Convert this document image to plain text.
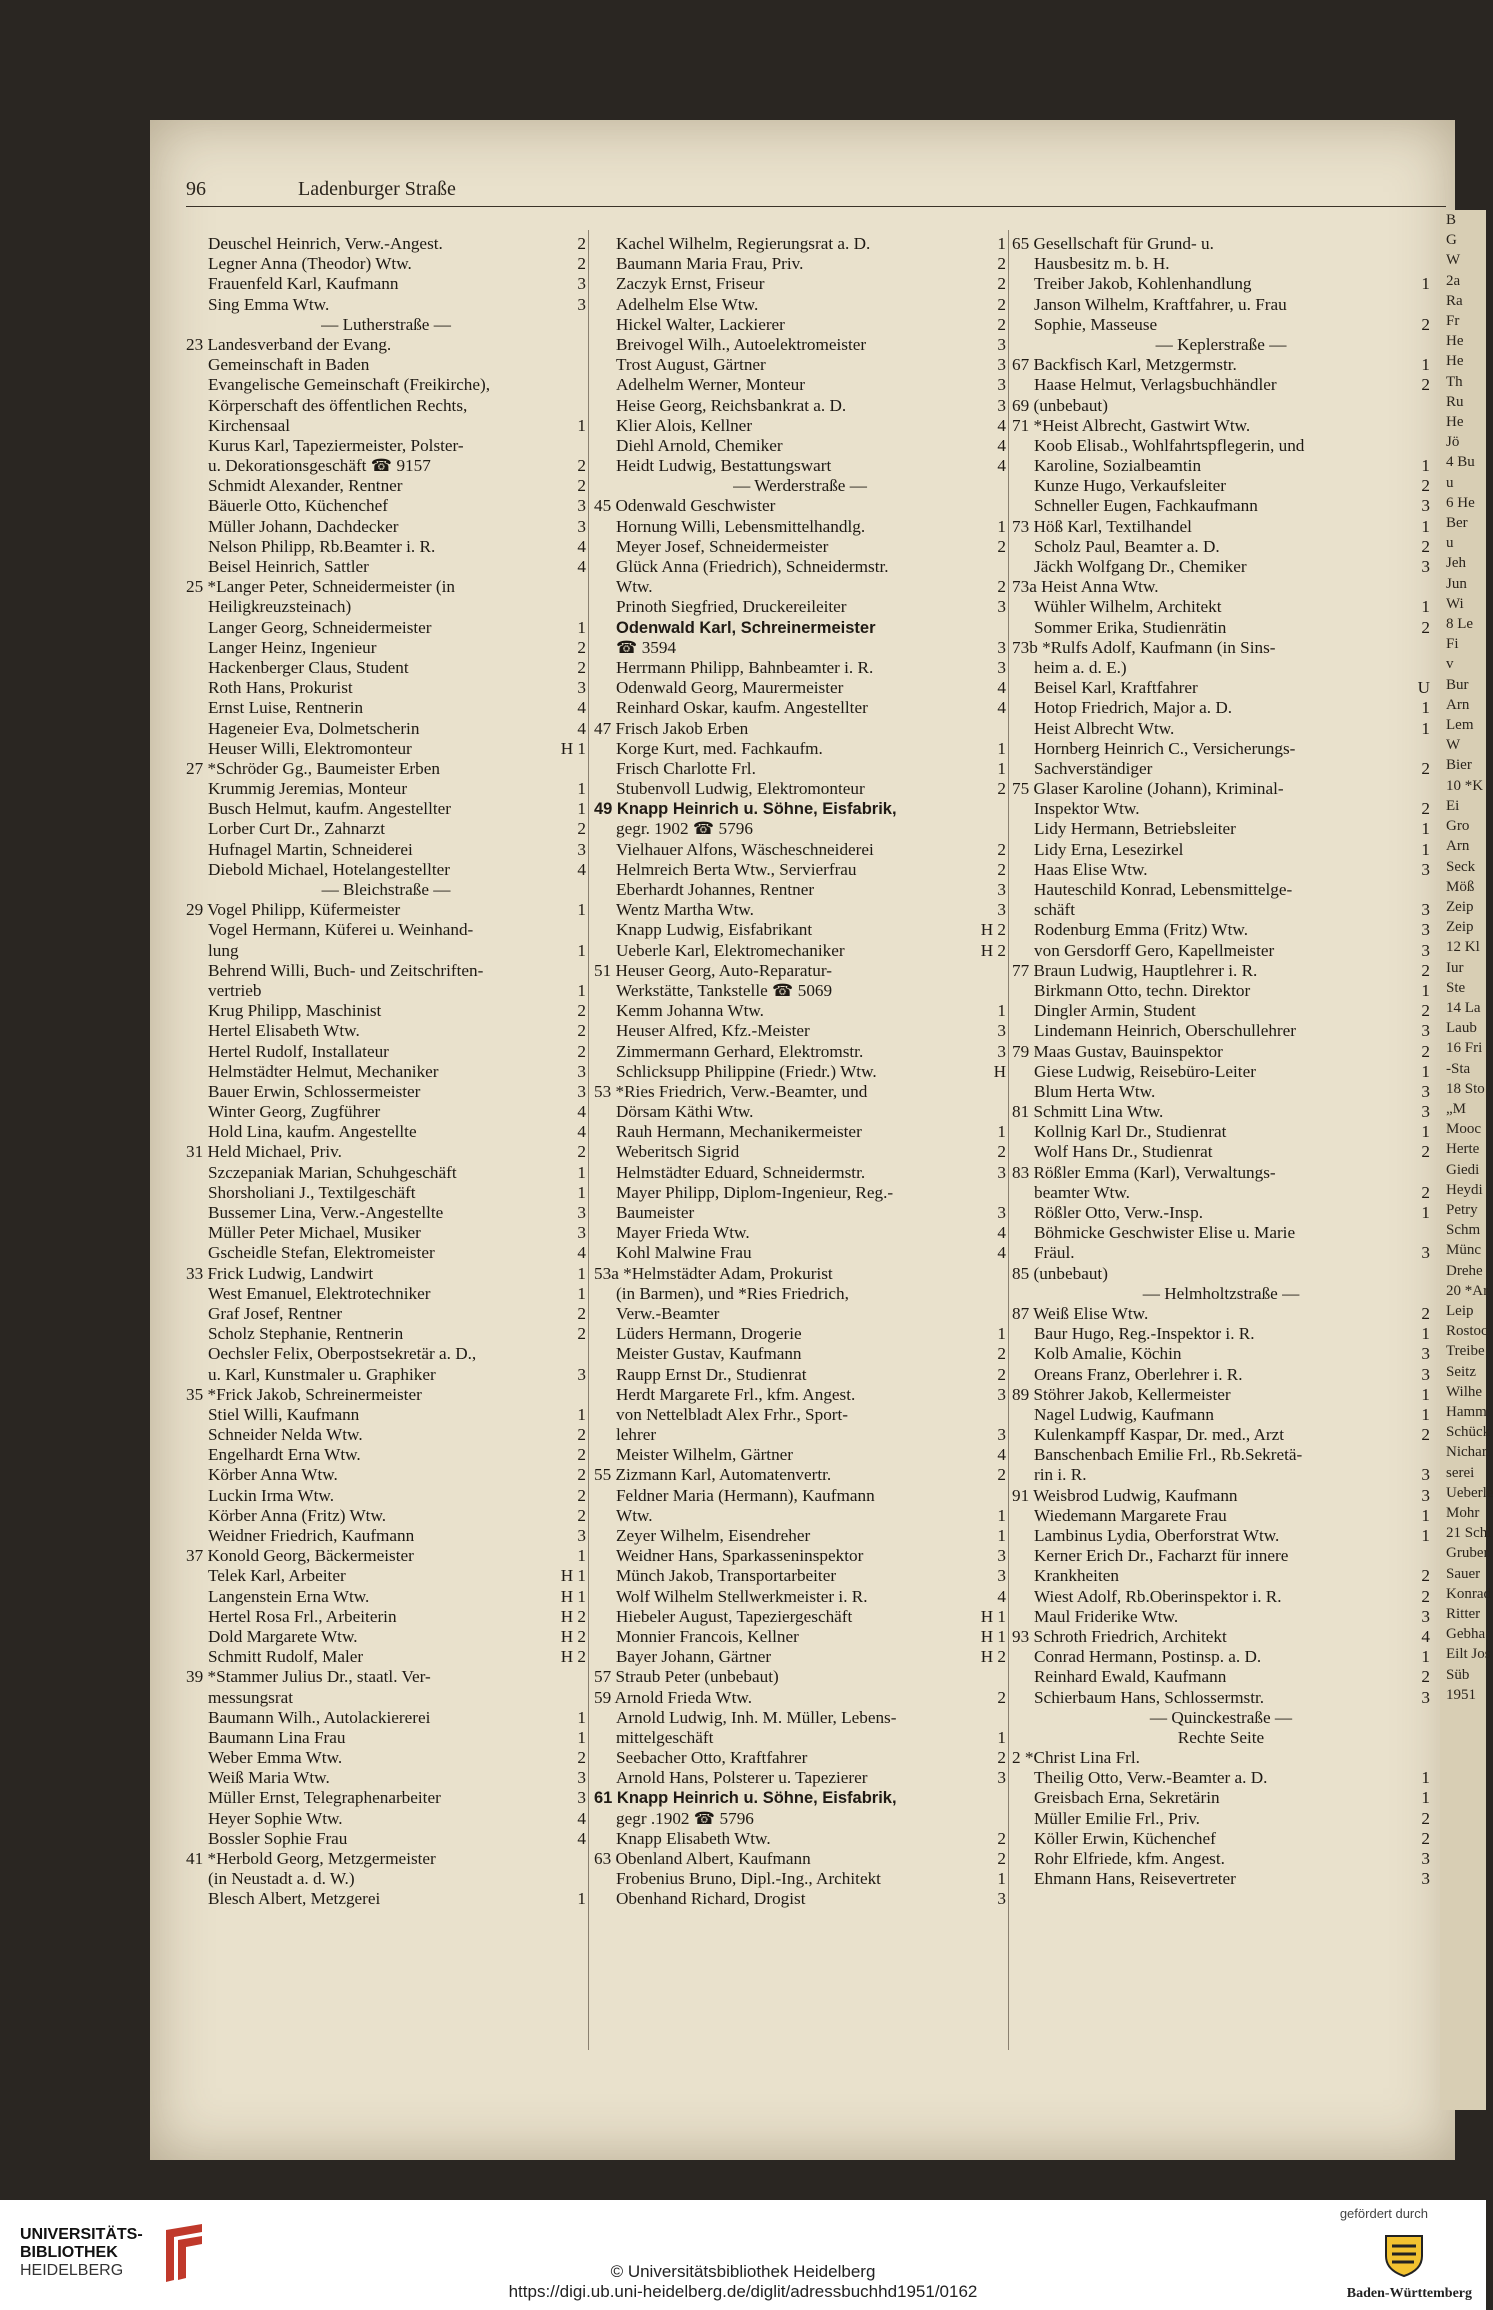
B
G
W
2a
Ra
Fr
He
He
Th
Ru
He
Jö
4 Bu
u
6 He
Ber
u
Jeh
Jun
Wi
8 Le
Fi
v
Bur
Arn
Lem
W
Bier
10 *K
Ei
Gro
Arn
Seck
Möß
Zeip
Zeip
12 Kl
Iur
Ste
14 La
Laub
16 Fri
-Sta
18 Sto
„M
Mooc
Herte
Giedi
Heydi
Petry
Schm
Münc
Drehe
20 *Ar
Leip
Rostoc
Treibe
Seitz
Wilhe
Hamm
Schück
Nichar
serei
Ueberle
Mohr
21 Schl
Gruber
Sauer
Konrad
Ritter
Gebha
Eilt Jos
Süb
1951
96	Ladenburger Straße
Deuschel Heinrich, Verw.-Angest.	2
Legner Anna (Theodor) Wtw.	2
Frauenfeld Karl, Kaufmann	3
Sing Emma Wtw.	3
— Lutherstraße —
23 Landesverband der Evang.
Gemeinschaft in Baden
Evangelische Gemeinschaft (Freikirche),
Körperschaft des öffentlichen Rechts,
Kirchensaal	1
Kurus Karl, Tapeziermeister, Polster-
u. Dekorationsgeschäft ☎ 9157	2
Schmidt Alexander, Rentner	2
Bäuerle Otto, Küchenchef	3
Müller Johann, Dachdecker	3
Nelson Philipp, Rb.Beamter i. R.	4
Beisel Heinrich, Sattler	4
25 *Langer Peter, Schneidermeister (in
Heiligkreuzsteinach)
Langer Georg, Schneidermeister	1
Langer Heinz, Ingenieur	2
Hackenberger Claus, Student	2
Roth Hans, Prokurist	3
Ernst Luise, Rentnerin	4
Hageneier Eva, Dolmetscherin	4
Heuser Willi, Elektromonteur	H 1
27 *Schröder Gg., Baumeister Erben
Krummig Jeremias, Monteur	1
Busch Helmut, kaufm. Angestellter	1
Lorber Curt Dr., Zahnarzt	2
Hufnagel Martin, Schneiderei	3
Diebold Michael, Hotelangestellter	4
— Bleichstraße —
29 Vogel Philipp, Küfermeister	1
Vogel Hermann, Küferei u. Weinhand-
lung	1
Behrend Willi, Buch- und Zeitschriften-
vertrieb	1
Krug Philipp, Maschinist	2
Hertel Elisabeth Wtw.	2
Hertel Rudolf, Installateur	2
Helmstädter Helmut, Mechaniker	3
Bauer Erwin, Schlossermeister	3
Winter Georg, Zugführer	4
Hold Lina, kaufm. Angestellte	4
31 Held Michael, Priv.	2
Szczepaniak Marian, Schuhgeschäft	1
Shorsholiani J., Textilgeschäft	1
Bussemer Lina, Verw.-Angestellte	3
Müller Peter Michael, Musiker	3
Gscheidle Stefan, Elektromeister	4
33 Frick Ludwig, Landwirt	1
West Emanuel, Elektrotechniker	1
Graf Josef, Rentner	2
Scholz Stephanie, Rentnerin	2
Oechsler Felix, Oberpostsekretär a. D.,
u. Karl, Kunstmaler u. Graphiker	3
35 *Frick Jakob, Schreinermeister
Stiel Willi, Kaufmann	1
Schneider Nelda Wtw.	2
Engelhardt Erna Wtw.	2
Körber Anna Wtw.	2
Luckin Irma Wtw.	2
Körber Anna (Fritz) Wtw.	2
Weidner Friedrich, Kaufmann	3
37 Konold Georg, Bäckermeister	1
Telek Karl, Arbeiter	H 1
Langenstein Erna Wtw.	H 1
Hertel Rosa Frl., Arbeiterin	H 2
Dold Margarete Wtw.	H 2
Schmitt Rudolf, Maler	H 2
39 *Stammer Julius Dr., staatl. Ver-
messungsrat
Baumann Wilh., Autolackiererei	1
Baumann Lina Frau	1
Weber Emma Wtw.	2
Weiß Maria Wtw.	3
Müller Ernst, Telegraphenarbeiter	3
Heyer Sophie Wtw.	4
Bossler Sophie Frau	4
41 *Herbold Georg, Metzgermeister
(in Neustadt a. d. W.)
Blesch Albert, Metzgerei	1
Kachel Wilhelm, Regierungsrat a. D.	1
Baumann Maria Frau, Priv.	2
Zaczyk Ernst, Friseur	2
Adelhelm Else Wtw.	2
Hickel Walter, Lackierer	2
Breivogel Wilh., Autoelektromeister	3
Trost August, Gärtner	3
Adelhelm Werner, Monteur	3
Heise Georg, Reichsbankrat a. D.	3
Klier Alois, Kellner	4
Diehl Arnold, Chemiker	4
Heidt Ludwig, Bestattungswart	4
— Werderstraße —
45 Odenwald Geschwister
Hornung Willi, Lebensmittelhandlg.	1
Meyer Josef, Schneidermeister	2
Glück Anna (Friedrich), Schneidermstr.
Wtw.	2
Prinoth Siegfried, Druckereileiter	3
Odenwald Karl, Schreinermeister
☎ 3594	3
Herrmann Philipp, Bahnbeamter i. R.	3
Odenwald Georg, Maurermeister	4
Reinhard Oskar, kaufm. Angestellter	4
47 Frisch Jakob Erben
Korge Kurt, med. Fachkaufm.	1
Frisch Charlotte Frl.	1
Stubenvoll Ludwig, Elektromonteur	2
49 Knapp Heinrich u. Söhne, Eisfabrik,
gegr. 1902 ☎ 5796
Vielhauer Alfons, Wäscheschneiderei	2
Helmreich Berta Wtw., Servierfrau	2
Eberhardt Johannes, Rentner	3
Wentz Martha Wtw.	3
Knapp Ludwig, Eisfabrikant	H 2
Ueberle Karl, Elektromechaniker	H 2
51 Heuser Georg, Auto-Reparatur-
Werkstätte, Tankstelle ☎ 5069
Kemm Johanna Wtw.	1
Heuser Alfred, Kfz.-Meister	3
Zimmermann Gerhard, Elektromstr.	3
Schlicksupp Philippine (Friedr.) Wtw.	H
53 *Ries Friedrich, Verw.-Beamter, und
Dörsam Käthi Wtw.
Rauh Hermann, Mechanikermeister	1
Weberitsch Sigrid	2
Helmstädter Eduard, Schneidermstr.	3
Mayer Philipp, Diplom-Ingenieur, Reg.-
Baumeister	3
Mayer Frieda Wtw.	4
Kohl Malwine Frau	4
53a *Helmstädter Adam, Prokurist
(in Barmen), und *Ries Friedrich,
Verw.-Beamter
Lüders Hermann, Drogerie	1
Meister Gustav, Kaufmann	2
Raupp Ernst Dr., Studienrat	2
Herdt Margarete Frl., kfm. Angest.	3
von Nettelbladt Alex Frhr., Sport-
lehrer	3
Meister Wilhelm, Gärtner	4
55 Zizmann Karl, Automatenvertr.	2
Feldner Maria (Hermann), Kaufmann
Wtw.	1
Zeyer Wilhelm, Eisendreher	1
Weidner Hans, Sparkasseninspektor	3
Münch Jakob, Transportarbeiter	3
Wolf Wilhelm Stellwerkmeister i. R.	4
Hiebeler August, Tapeziergeschäft	H 1
Monnier Francois, Kellner	H 1
Bayer Johann, Gärtner	H 2
57 Straub Peter (unbebaut)
59 Arnold Frieda Wtw.	2
Arnold Ludwig, Inh. M. Müller, Lebens-
mittelgeschäft	1
Seebacher Otto, Kraftfahrer	2
Arnold Hans, Polsterer u. Tapezierer	3
61 Knapp Heinrich u. Söhne, Eisfabrik,
gegr .1902 ☎ 5796
Knapp Elisabeth Wtw.	2
63 Obenland Albert, Kaufmann	2
Frobenius Bruno, Dipl.-Ing., Architekt	1
Obenhand Richard, Drogist	3
65 Gesellschaft für Grund- u.
Hausbesitz m. b. H.
Treiber Jakob, Kohlenhandlung	1
Janson Wilhelm, Kraftfahrer, u. Frau
Sophie, Masseuse	2
— Keplerstraße —
67 Backfisch Karl, Metzgermstr.	1
Haase Helmut, Verlagsbuchhändler	2
69 (unbebaut)
71 *Heist Albrecht, Gastwirt Wtw.
Koob Elisab., Wohlfahrtspflegerin, und
Karoline, Sozialbeamtin	1
Kunze Hugo, Verkaufsleiter	2
Schneller Eugen, Fachkaufmann	3
73 Höß Karl, Textilhandel	1
Scholz Paul, Beamter a. D.	2
Jäckh Wolfgang Dr., Chemiker	3
73a Heist Anna Wtw.
Wühler Wilhelm, Architekt	1
Sommer Erika, Studienrätin	2
73b *Rulfs Adolf, Kaufmann (in Sins-
heim a. d. E.)
Beisel Karl, Kraftfahrer	U
Hotop Friedrich, Major a. D.	1
Heist Albrecht Wtw.	1
Hornberg Heinrich C., Versicherungs-
Sachverständiger	2
75 Glaser Karoline (Johann), Kriminal-
Inspektor Wtw.	2
Lidy Hermann, Betriebsleiter	1
Lidy Erna, Lesezirkel	1
Haas Elise Wtw.	3
Hauteschild Konrad, Lebensmittelge-
schäft	3
Rodenburg Emma (Fritz) Wtw.	3
von Gersdorff Gero, Kapellmeister	3
77 Braun Ludwig, Hauptlehrer i. R.	2
Birkmann Otto, techn. Direktor	1
Dingler Armin, Student	2
Lindemann Heinrich, Oberschullehrer	3
79 Maas Gustav, Bauinspektor	2
Giese Ludwig, Reisebüro-Leiter	1
Blum Herta Wtw.	3
81 Schmitt Lina Wtw.	3
Kollnig Karl Dr., Studienrat	1
Wolf Hans Dr., Studienrat	2
83 Rößler Emma (Karl), Verwaltungs-
beamter Wtw.	2
Rößler Otto, Verw.-Insp.	1
Böhmicke Geschwister Elise u. Marie
Fräul.	3
85 (unbebaut)
— Helmholtzstraße —
87 Weiß Elise Wtw.	2
Baur Hugo, Reg.-Inspektor i. R.	1
Kolb Amalie, Köchin	3
Oreans Franz, Oberlehrer i. R.	3
89 Stöhrer Jakob, Kellermeister	1
Nagel Ludwig, Kaufmann	1
Kulenkampff Kaspar, Dr. med., Arzt	2
Banschenbach Emilie Frl., Rb.Sekretä-
rin i. R.	3
91 Weisbrod Ludwig, Kaufmann	3
Wiedemann Margarete Frau	1
Lambinus Lydia, Oberforstrat Wtw.	1
Kerner Erich Dr., Facharzt für innere
Krankheiten	2
Wiest Adolf, Rb.Oberinspektor i. R.	2
Maul Friderike Wtw.	3
93 Schroth Friedrich, Architekt	4
Conrad Hermann, Postinsp. a. D.	1
Reinhard Ewald, Kaufmann	2
Schierbaum Hans, Schlossermstr.	3
— Quinckestraße —
Rechte Seite
2 *Christ Lina Frl.
Theilig Otto, Verw.-Beamter a. D.	1
Greisbach Erna, Sekretärin	1
Müller Emilie Frl., Priv.	2
Köller Erwin, Küchenchef	2
Rohr Elfriede, kfm. Angest.	3
Ehmann Hans, Reisevertreter	3
UNIVERSITÄTS-
BIBLIOTHEK
HEIDELBERG	© Universitätsbibliothek Heidelberg
https://digi.ub.uni-heidelberg.de/diglit/adressbuchhd1951/0162
gefördert durch
Baden-Württemberg
